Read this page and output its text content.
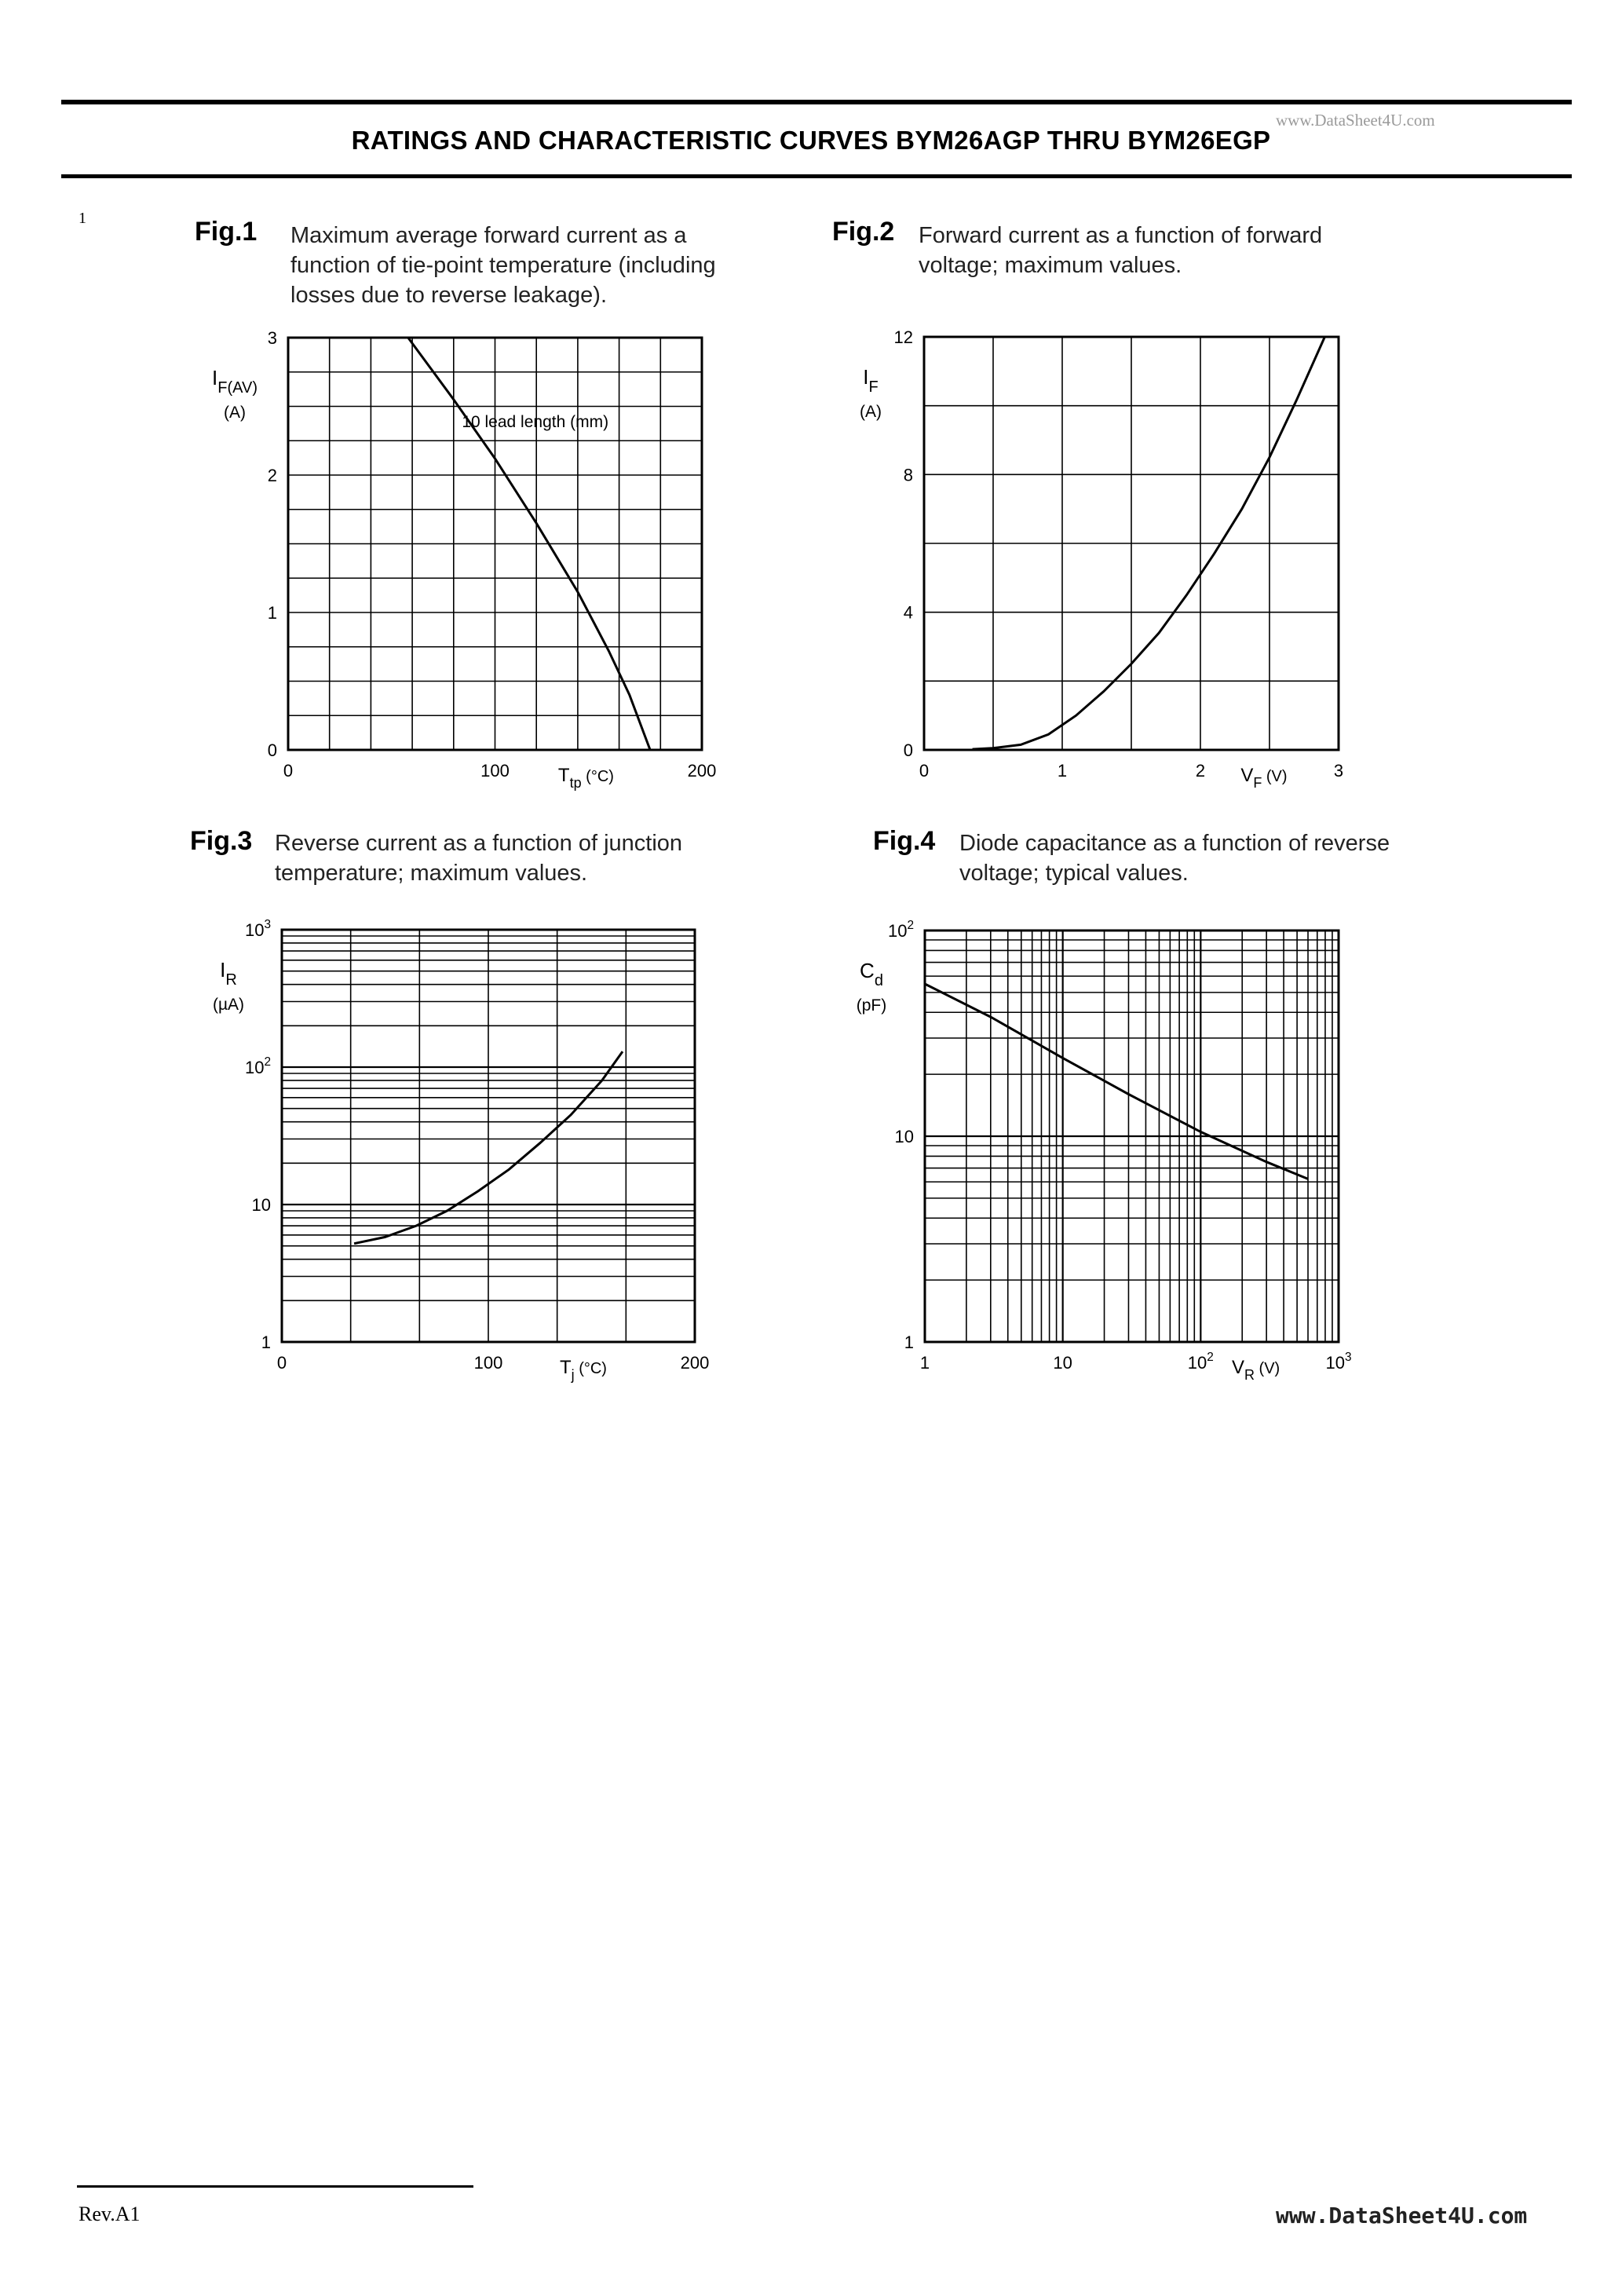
RATINGS AND CHARACTERISTIC CURVES BYM26AGP THRU BYM26EGP
www.DataSheet4U.com
1	Fig.1 Maximum average forward current as a
function of tie-point temperature (including
losses due to reverse leakage).
0
1
2
3
0	100	200
$I_{F(AV)}$
(A)
$T_{tp}$ $^{(^\circ C)}$
10 lead length (mm)
Fig.2 Forward current as a function of forward
voltage; maximum values.
0
4
8
12
0	1	2	3
$I_F$
(A)
$V_F$ $^{(V)}$
Fig.3 Reverse current as a function of junction
temperature; maximum values.
1
10
$10^2$
$10^3$
0	100	200
$I_R$
(µA)
$T_j$ $^{(^\circ C)}$
Fig.4 Diode capacitance as a function of reverse
voltage; typical values.
1
10
$10^2$
1	10	$10^2$	$10^3$
$C_d$
(pF)
$V_R$ $^{(V)}$
Rev.A1	www.DataSheet4U.com
